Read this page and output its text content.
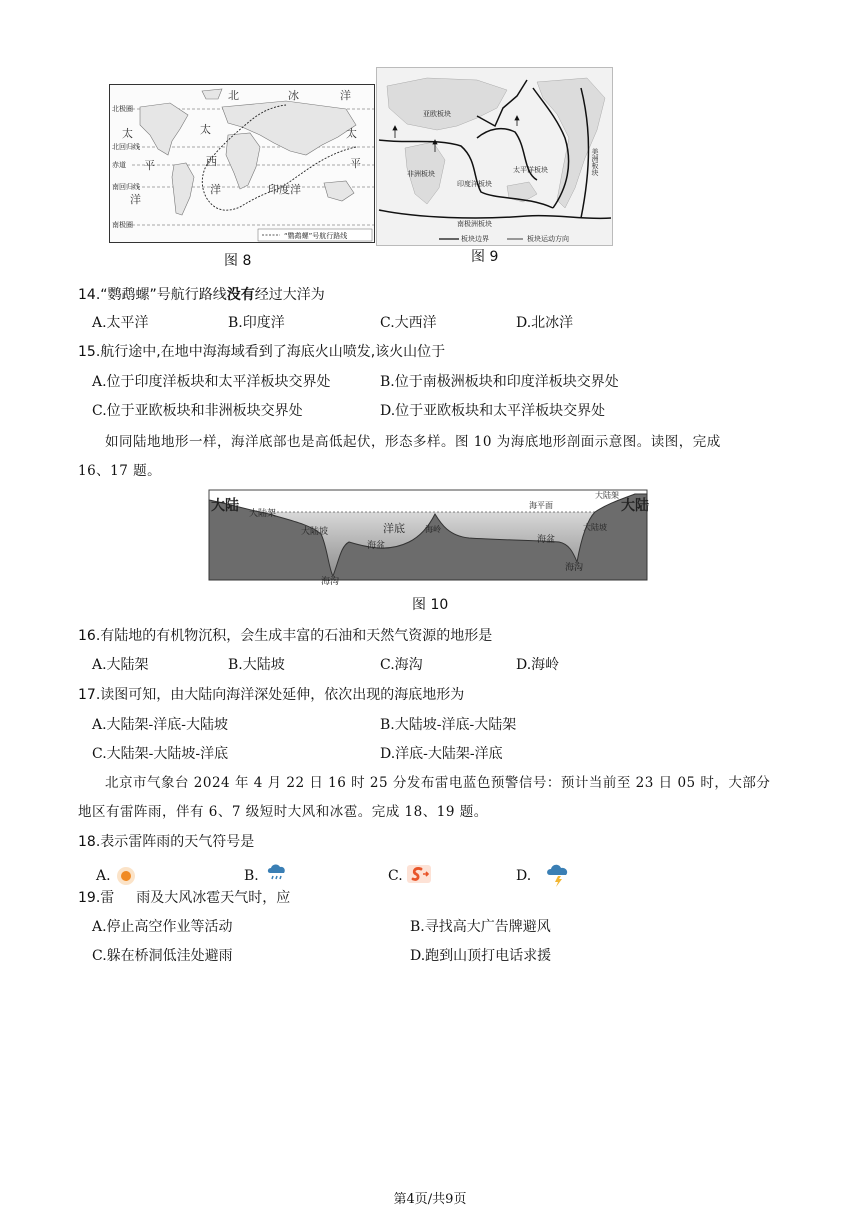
北极圈
北回归线
赤道
南回归线
南极圈
北	冰	洋
太	太	太
西
平	平
洋
印度洋
洋
“鹦鹉螺”号航行路线
图 8
亚欧板块
美洲板块
非洲板块
印度洋板块
太平洋板块
南极洲板块
板块边界	板块运动方向
图 9
14.“鹦鹉螺”号航行路线没有经过大洋为
A.太平洋	B.印度洋	C.大西洋	D.北冰洋
15.航行途中,在地中海海域看到了海底火山喷发,该火山位于
A.位于印度洋板块和太平洋板块交界处	B.位于南极洲板块和印度洋板块交界处
C.位于亚欧板块和非洲板块交界处	D.位于亚欧板块和太平洋板块交界处
如同陆地地形一样，海洋底部也是高低起伏，形态多样。图 10 为海底地形剖面示意图。读图，完成
16、17 题。
大陆	大陆
大陆架
大陆坡
海沟
海盆
洋底	海岭
海盆
海沟
海平面
大陆架
大陆坡
图 10
16.有陆地的有机物沉积，会生成丰富的石油和天然气资源的地形是
A.大陆架	B.大陆坡	C.海沟	D.海岭
17.读图可知，由大陆向海洋深处延伸，依次出现的海底地形为
A.大陆架-洋底-大陆坡	B.大陆坡-洋底-大陆架
C.大陆架-大陆坡-洋底	D.洋底-大陆架-洋底
北京市气象台 2024 年 4 月 22 日 16 时 25 分发布雷电蓝色预警信号：预计当前至 23 日 05 时，大部分
地区有雷阵雨，伴有 6、7 级短时大风和冰雹。完成 18、19 题。
18.表示雷阵雨的天气符号是
A.	B.	C.	D.
19.雷 雨及大风冰雹天气时，应
A.停止高空作业等活动	B.寻找高大广告牌避风
C.躲在桥洞低洼处避雨	D.跑到山顶打电话求援
第4页/共9页
